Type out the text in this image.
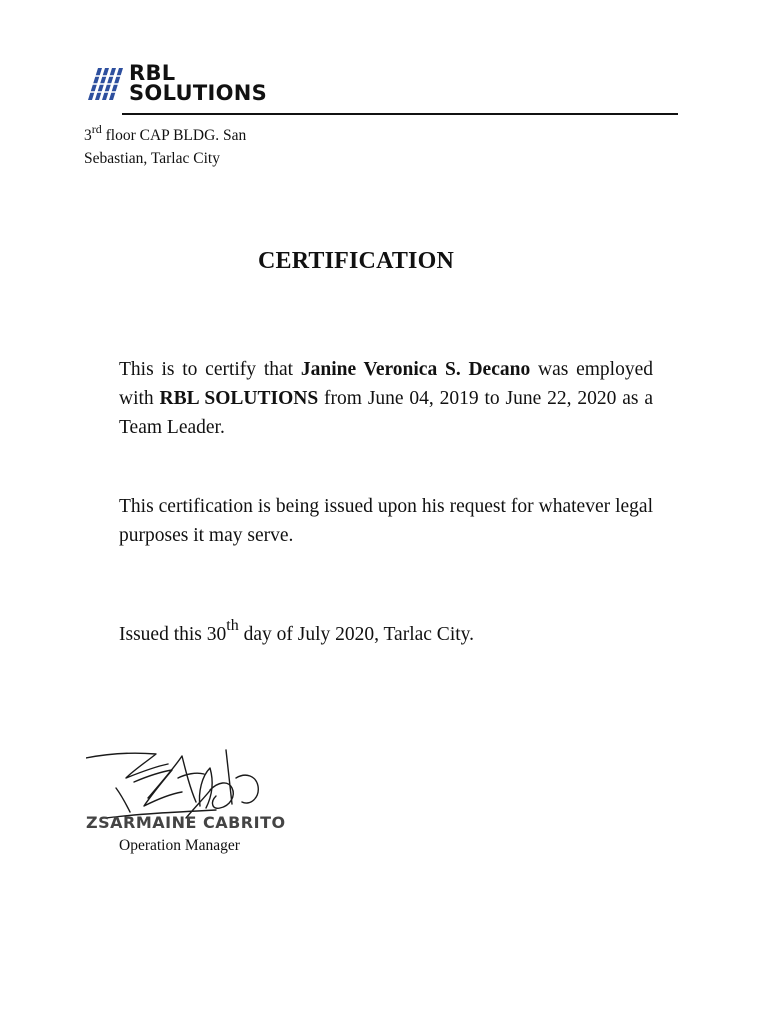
RBL
SOLUTIONS
3rd floor CAP BLDG. San
Sebastian, Tarlac City
CERTIFICATION
This is to certify that Janine Veronica S. Decano was employed with RBL SOLUTIONS from June 04, 2019 to June 22, 2020 as a Team Leader.
This certification is being issued upon his request for whatever legal purposes it may serve.
Issued this 30th day of July 2020, Tarlac City.
ZSARMAINE CABRITO
Operation Manager
